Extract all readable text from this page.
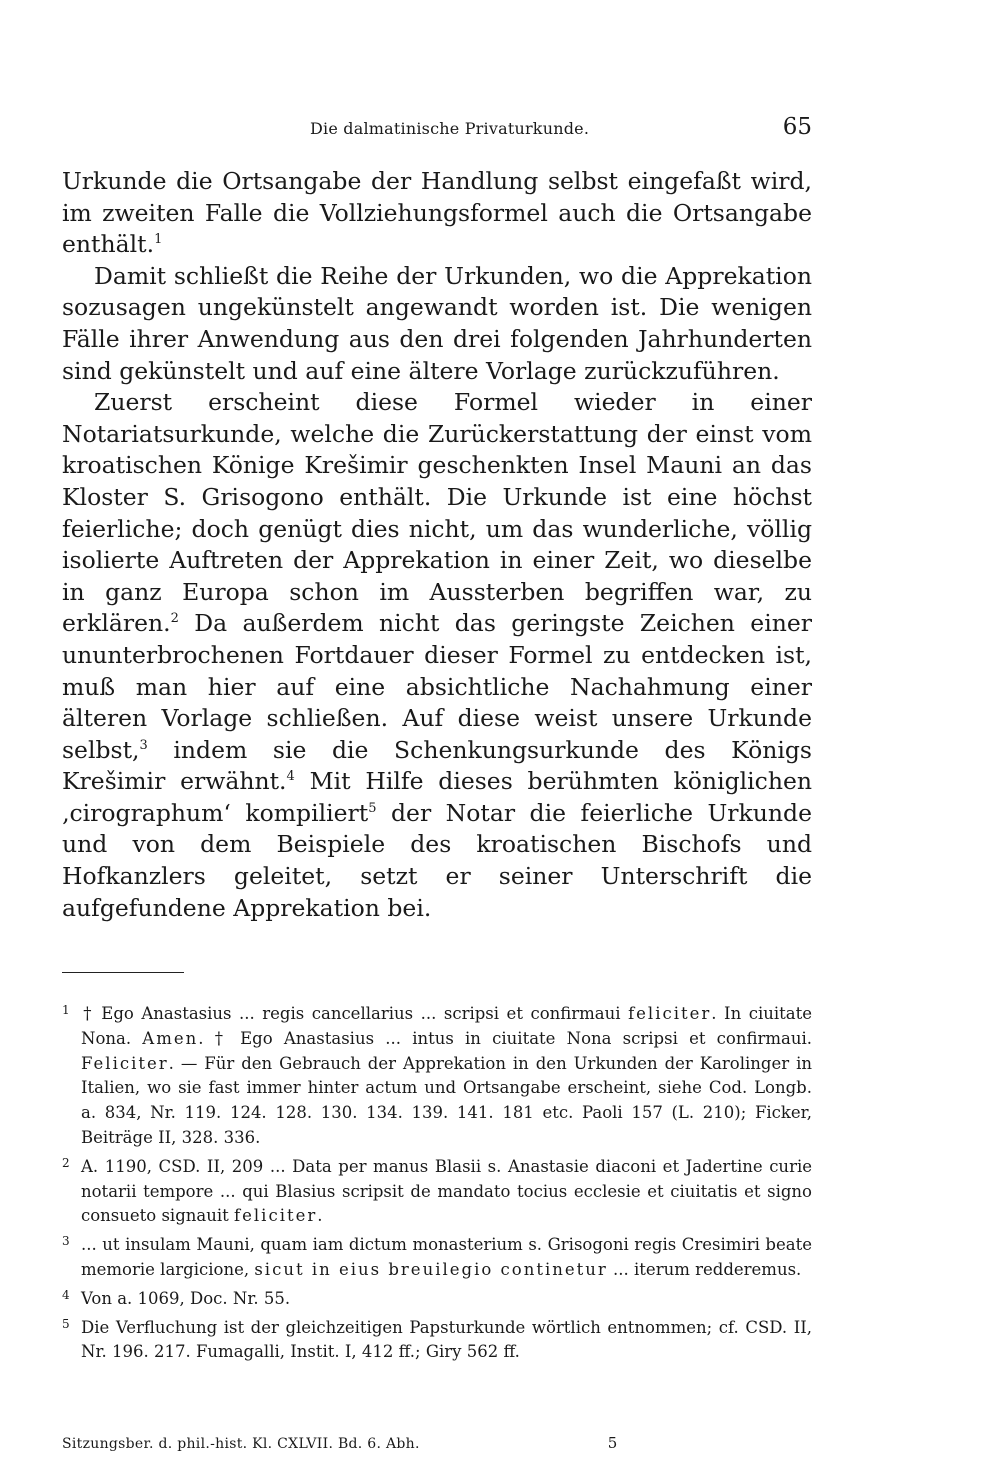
Die dalmatinische Privaturkunde.	65

Urkunde die Ortsangabe der Handlung selbst eingefaßt wird, im zweiten Falle die Vollziehungsformel auch die Ortsangabe enthält.$^1$

Damit schließt die Reihe der Urkunden, wo die Apprekation sozusagen ungekünstelt angewandt worden ist. Die wenigen Fälle ihrer Anwendung aus den drei folgenden Jahrhunderten sind gekünstelt und auf eine ältere Vorlage zurückzuführen.

Zuerst erscheint diese Formel wieder in einer Notariatsurkunde, welche die Zurückerstattung der einst vom kroatischen Könige Krešimir geschenkten Insel Mauni an das Kloster S. Grisogono enthält. Die Urkunde ist eine höchst feierliche; doch genügt dies nicht, um das wunderliche, völlig isolierte Auftreten der Apprekation in einer Zeit, wo dieselbe in ganz Europa schon im Aussterben begriffen war, zu erklären.$^2$ Da außerdem nicht das geringste Zeichen einer ununterbrochenen Fortdauer dieser Formel zu entdecken ist, muß man hier auf eine absichtliche Nachahmung einer älteren Vorlage schließen. Auf diese weist unsere Urkunde selbst,$^3$ indem sie die Schenkungsurkunde des Königs Krešimir erwähnt.$^4$ Mit Hilfe dieses berühmten königlichen ‚cirographum‘ kompiliert$^5$ der Notar die feierliche Urkunde und von dem Beispiele des kroatischen Bischofs und Hofkanzlers geleitet, setzt er seiner Unterschrift die aufgefundene Apprekation bei.

1 † Ego Anastasius ... regis cancellarius ... scripsi et confirmaui feliciter. In ciuitate Nona. Amen. † Ego Anastasius ... intus in ciuitate Nona scripsi et confirmaui. Feliciter. — Für den Gebrauch der Apprekation in den Urkunden der Karolinger in Italien, wo sie fast immer hinter actum und Ortsangabe erscheint, siehe Cod. Longb. a. 834, Nr. 119. 124. 128. 130. 134. 139. 141. 181 etc. Paoli 157 (L. 210); Ficker, Beiträge II, 328. 336.

2 A. 1190, CSD. II, 209 ... Data per manus Blasii s. Anastasie diaconi et Jadertine curie notarii tempore ... qui Blasius scripsit de mandato tocius ecclesie et ciuitatis et signo consueto signauit feliciter.

3 ... ut insulam Mauni, quam iam dictum monasterium s. Grisogoni regis Cresimiri beate memorie largicione, sicut in eius breuilegio continetur ... iterum redderemus.

4 Von a. 1069, Doc. Nr. 55.

5 Die Verfluchung ist der gleichzeitigen Papsturkunde wörtlich entnommen; cf. CSD. II, Nr. 196. 217. Fumagalli, Instit. I, 412 ff.; Giry 562 ff.

Sitzungsber. d. phil.-hist. Kl. CXLVII. Bd. 6. Abh.	5
